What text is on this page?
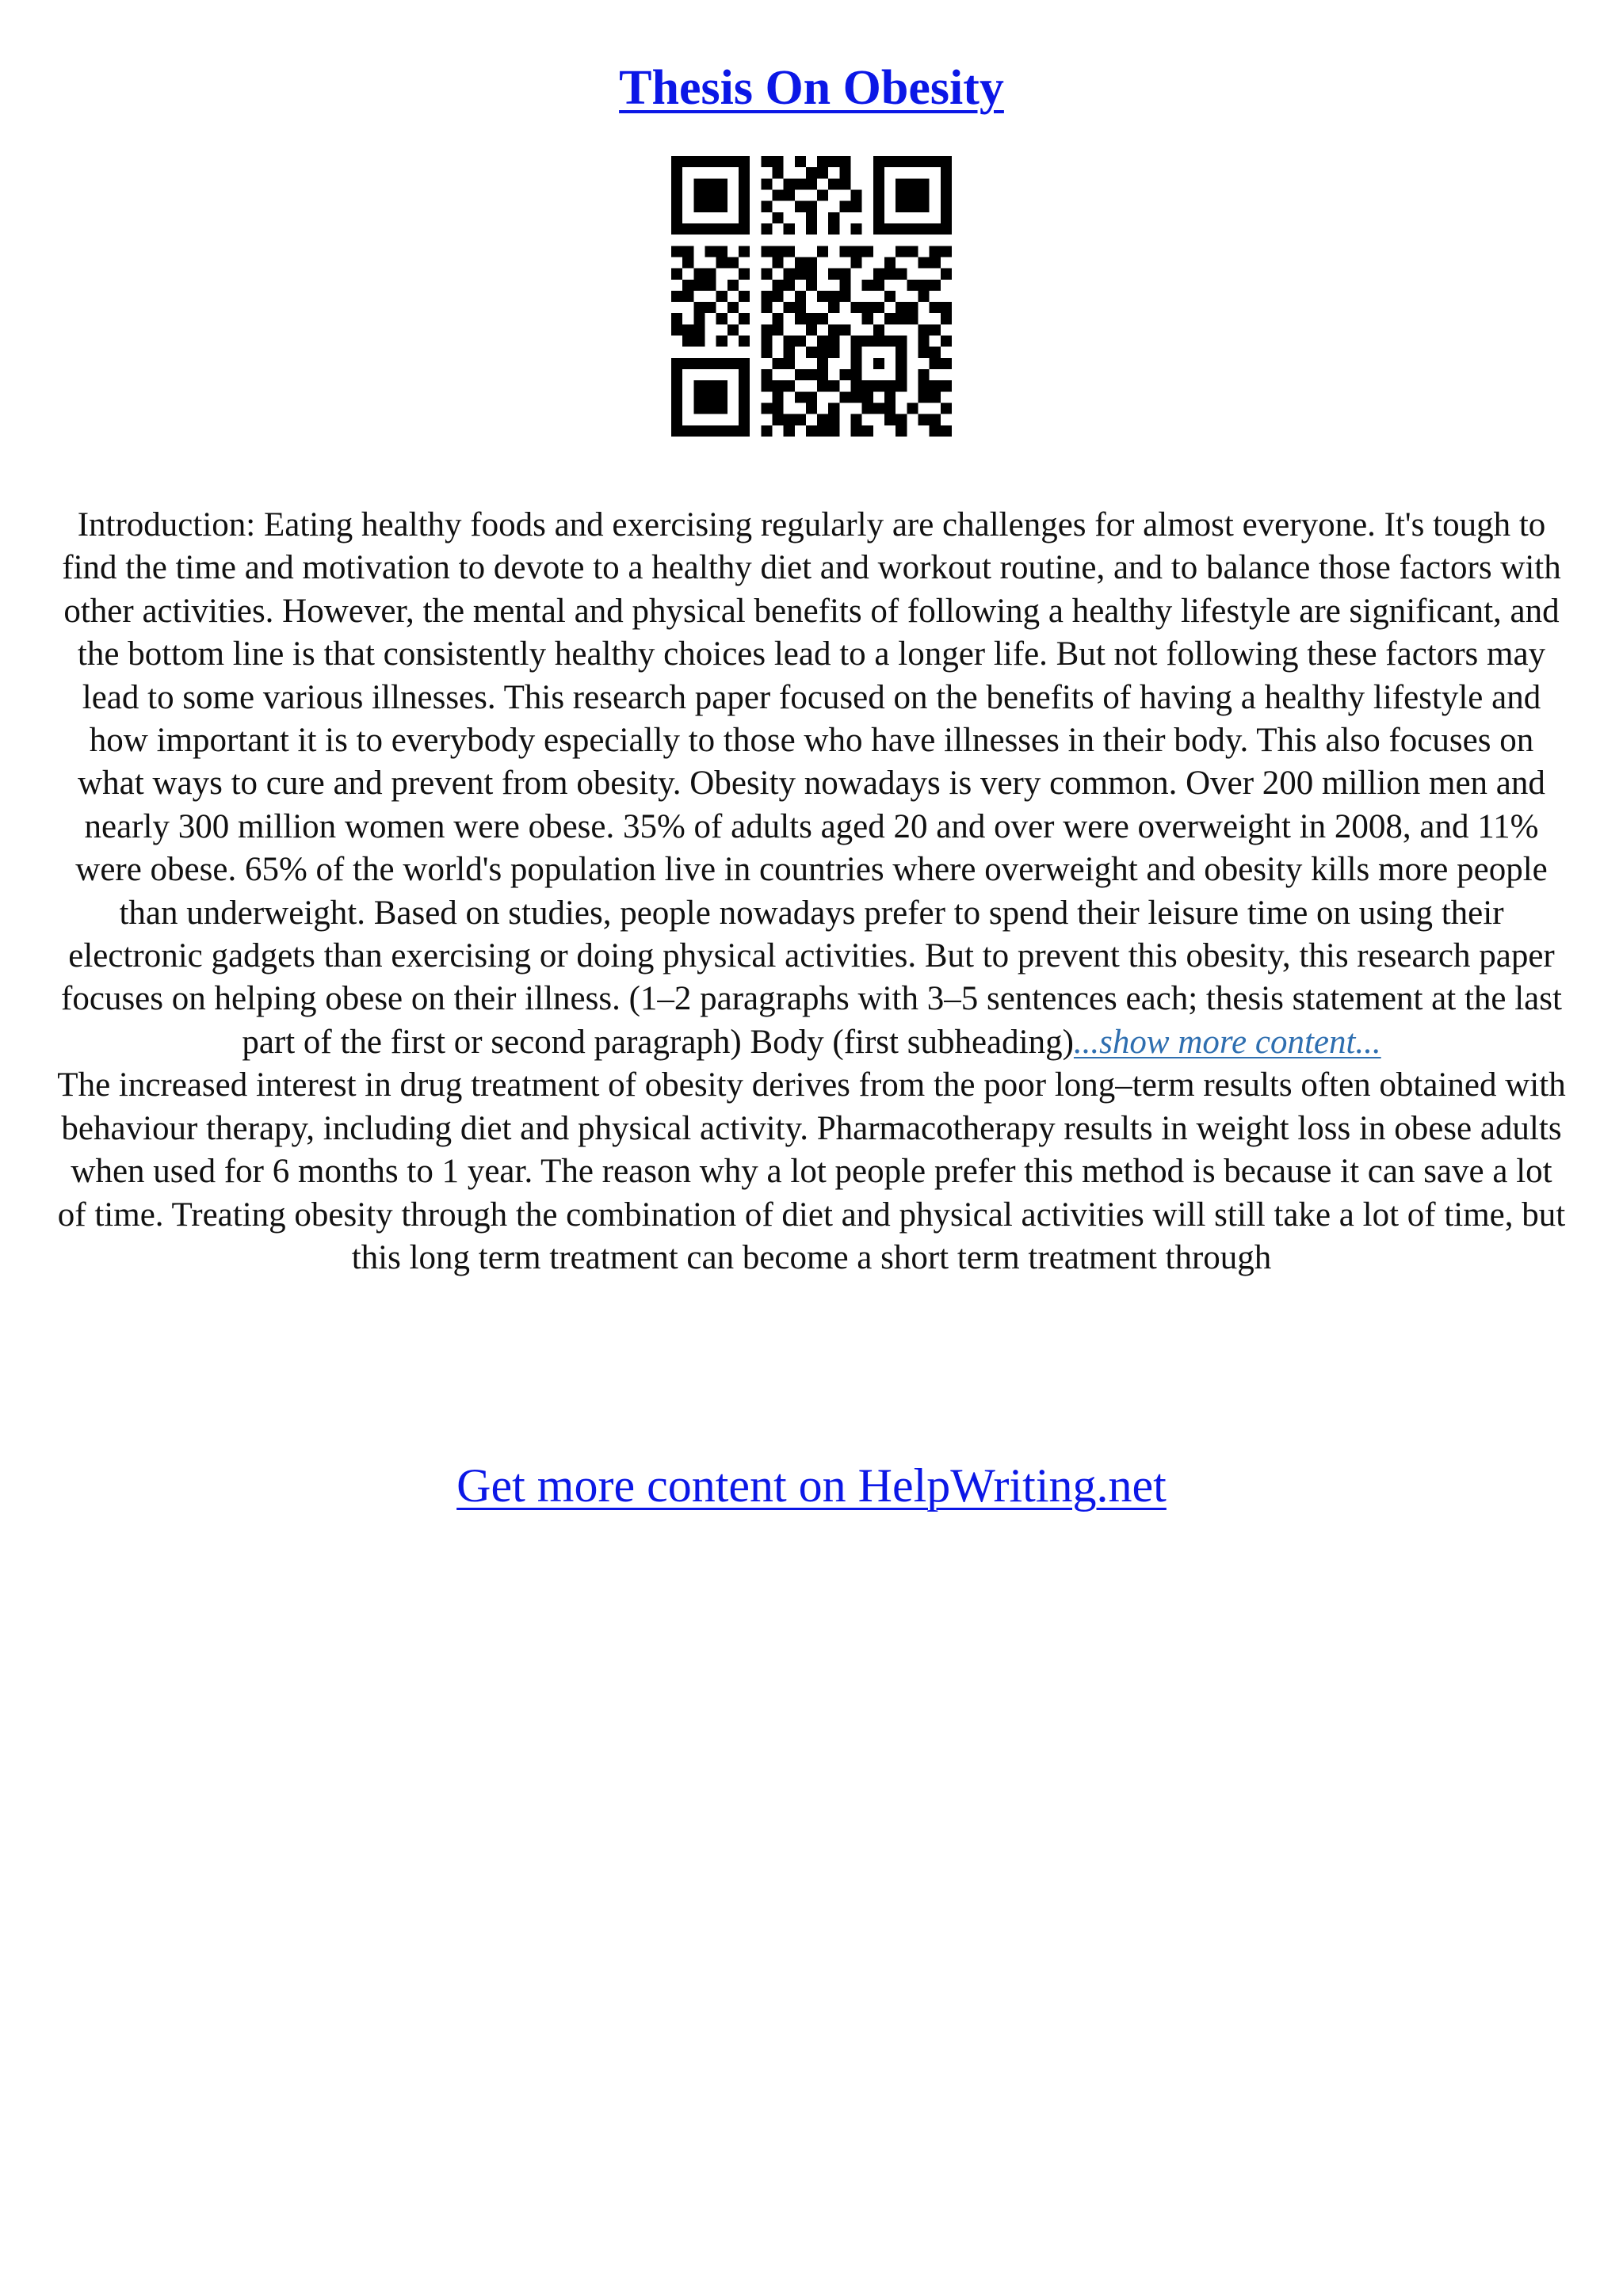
Thesis On Obesity

Introduction: Eating healthy foods and exercising regularly are challenges for almost everyone. It's tough to find the time and motivation to devote to a healthy diet and workout routine, and to balance those factors with other activities. However, the mental and physical benefits of following a healthy lifestyle are significant, and the bottom line is that consistently healthy choices lead to a longer life. But not following these factors may lead to some various illnesses. This research paper focused on the benefits of having a healthy lifestyle and how important it is to everybody especially to those who have illnesses in their body. This also focuses on what ways to cure and prevent from obesity. Obesity nowadays is very common. Over 200 million men and nearly 300 million women were obese. 35% of adults aged 20 and over were overweight in 2008, and 11% were obese. 65% of the world's population live in countries where overweight and obesity kills more people than underweight. Based on studies, people nowadays prefer to spend their leisure time on using their electronic gadgets than exercising or doing physical activities. But to prevent this obesity, this research paper focuses on helping obese on their illness. (1–2 paragraphs with 3–5 sentences each; thesis statement at the last part of the first or second paragraph) Body (first subheading)...show more content...

The increased interest in drug treatment of obesity derives from the poor long–term results often obtained with behaviour therapy, including diet and physical activity. Pharmacotherapy results in weight loss in obese adults when used for 6 months to 1 year. The reason why a lot people prefer this method is because it can save a lot of time. Treating obesity through the combination of diet and physical activities will still take a lot of time, but this long term treatment can become a short term treatment through

Get more content on HelpWriting.net
